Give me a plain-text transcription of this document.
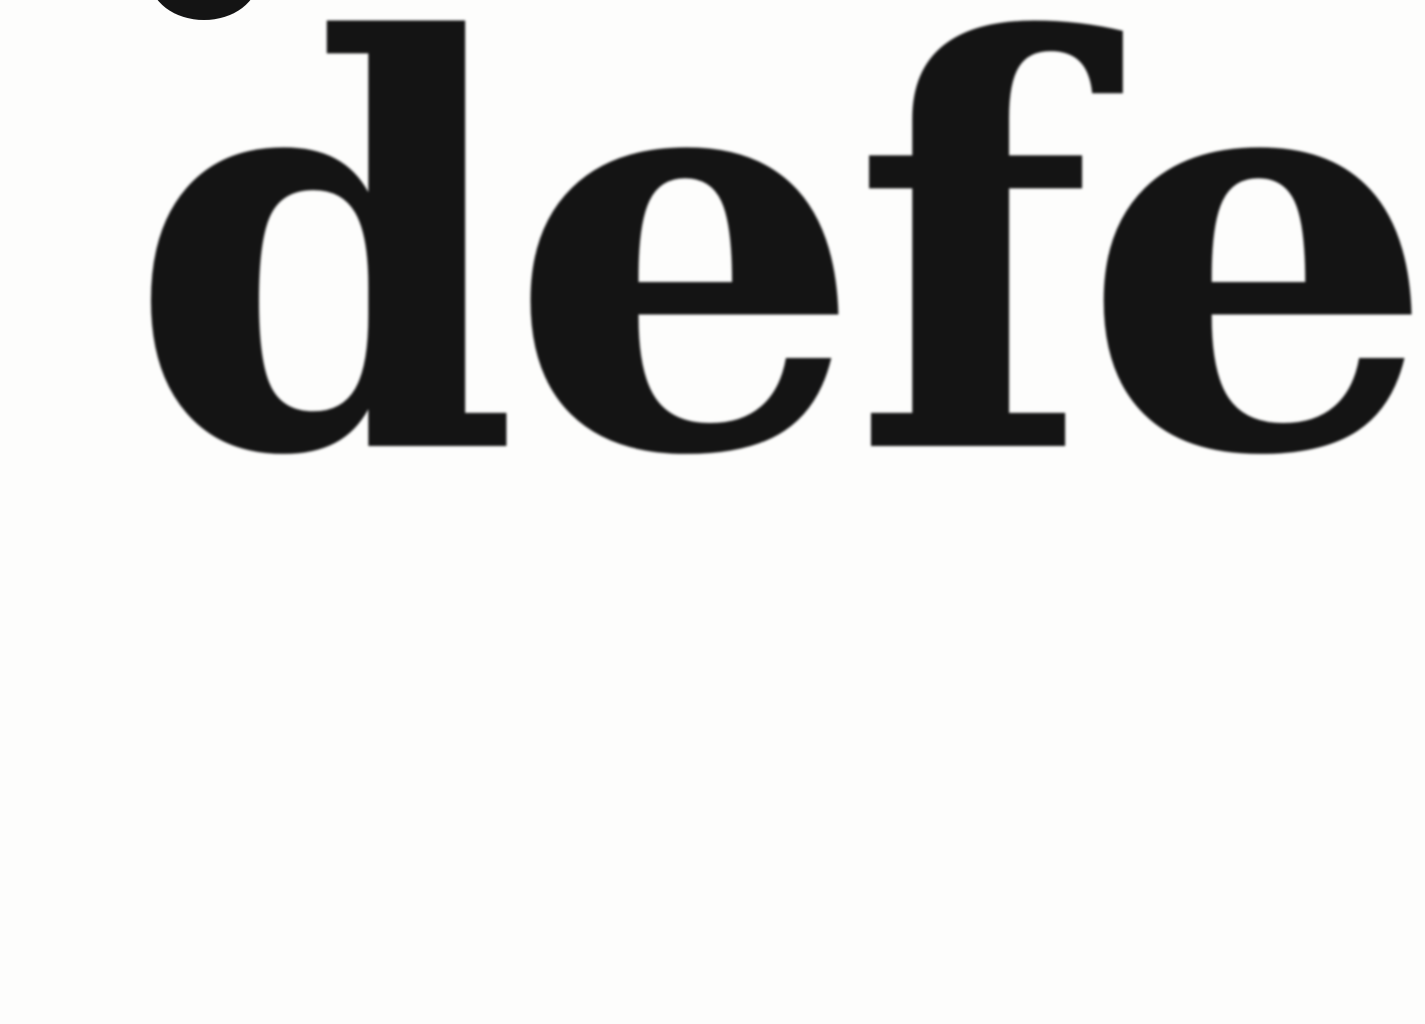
defe
